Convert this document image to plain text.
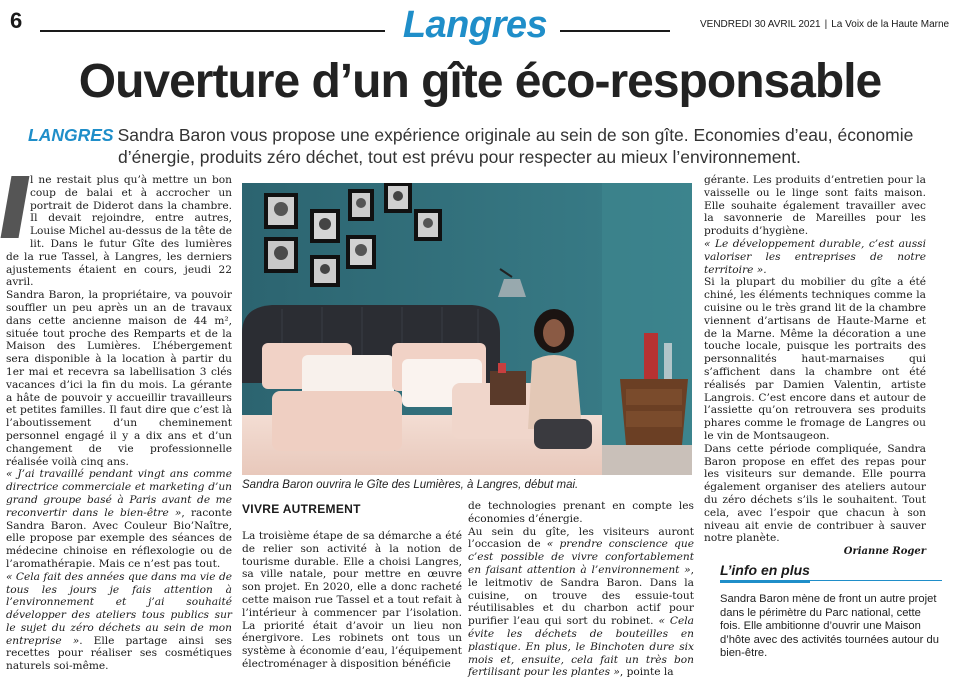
6	Langres	VENDREDI 30 AVRIL 2021 | La Voix de la Haute Marne
Ouverture d’un gîte éco-responsable
LANGRES Sandra Baron vous propose une expérience originale au sein de son gîte. Economies d’eau, économie
d’énergie, produits zéro déchet, tout est prévu pour respecter au mieux l’environnement.

l ne restait plus qu’à mettre un bon coup de balai et à accrocher un portrait de Diderot dans la chambre. Il devait rejoindre, entre autres, Louise Michel au-dessus de la tête de lit. Dans le futur Gîte des lumières de la rue Tassel, à Langres, les derniers ajustements étaient en cours, jeudi 22 avril.

Sandra Baron, la propriétaire, va pouvoir souffler un peu après un an de travaux dans cette ancienne maison de 44 m², située tout proche des Remparts et de la Maison des Lumières. L’hébergement sera disponible à la location à partir du 1er mai et recevra sa labellisation 3 clés vacances d’ici la fin du mois. La gérante a hâte de pouvoir y accueillir travailleurs et petites familles. Il faut dire que c’est là l’aboutissement d’un cheminement personnel engagé il y a dix ans et d’un changement de vie professionnelle réalisée voilà cinq ans.

« J’ai travaillé pendant vingt ans comme directrice commerciale et marketing d’un grand groupe basé à Paris avant de me reconvertir dans le bien-être », raconte Sandra Baron. Avec Couleur Bio’Naître, elle propose par exemple des séances de médecine chinoise en réflexologie ou de l’aromathérapie. Mais ce n’est pas tout.

« Cela fait des années que dans ma vie de tous les jours je fais attention à l’environnement et j’ai souhaité développer des ateliers tous publics sur le sujet du zéro déchets au sein de mon entreprise ». Elle partage ainsi ses recettes pour réaliser ses cosmétiques naturels soi-même.

Sandra Baron ouvrira le Gîte des Lumières, à Langres, début mai.
VIVRE AUTREMENT

La troisième étape de sa démarche a été de relier son activité à la notion de tourisme durable. Elle a choisi Langres, sa ville natale, pour mettre en œuvre son projet. En 2020, elle a donc racheté cette maison rue Tassel et a tout refait à l’intérieur à commencer par l’isolation. La priorité était d’avoir un lieu non énergivore. Les robinets ont tous un système à économie d’eau, l’équipement électroménager à disposition bénéficie

de technologies prenant en compte les économies d’énergie.

Au sein du gîte, les visiteurs auront l’occasion de « prendre conscience que c’est possible de vivre confortablement en faisant attention à l’environnement », le leitmotiv de Sandra Baron. Dans la cuisine, on trouve des essuie-tout réutilisables et du charbon actif pour purifier l’eau qui sort du robinet. « Cela évite les déchets de bouteilles en plastique. En plus, le Binchoten dure six mois et, ensuite, cela fait un très bon fertilisant pour les plantes », pointe la

gérante. Les produits d’entretien pour la vaisselle ou le linge sont faits maison. Elle souhaite également travailler avec la savonnerie de Mareilles pour les produits d’hygiène.

« Le développement durable, c’est aussi valoriser les entreprises de notre territoire ».

Si la plupart du mobilier du gîte a été chiné, les éléments techniques comme la cuisine ou le très grand lit de la chambre viennent d’artisans de Haute-Marne et de la Marne. Même la décoration a une touche locale, puisque les portraits des personnalités haut-marnaises qui s’affichent dans la chambre ont été réalisés par Damien Valentin, artiste Langrois. C’est encore dans et autour de l’assiette qu’on retrouvera ses produits phares comme le fromage de Langres ou le vin de Montsaugeon.

Dans cette période compliquée, Sandra Baron propose en effet des repas pour les visiteurs sur demande. Elle pourra également organiser des ateliers autour du zéro déchets s’ils le souhaitent. Tout cela, avec l’espoir que chacun à son niveau ait envie de contribuer à sauver notre planète.

Orianne Roger
L’info en plus
Sandra Baron mène de front un autre projet dans le périmètre du Parc national, cette fois. Elle ambitionne d’ouvrir une Maison d’hôte avec des activités tournées autour du bien-être.
